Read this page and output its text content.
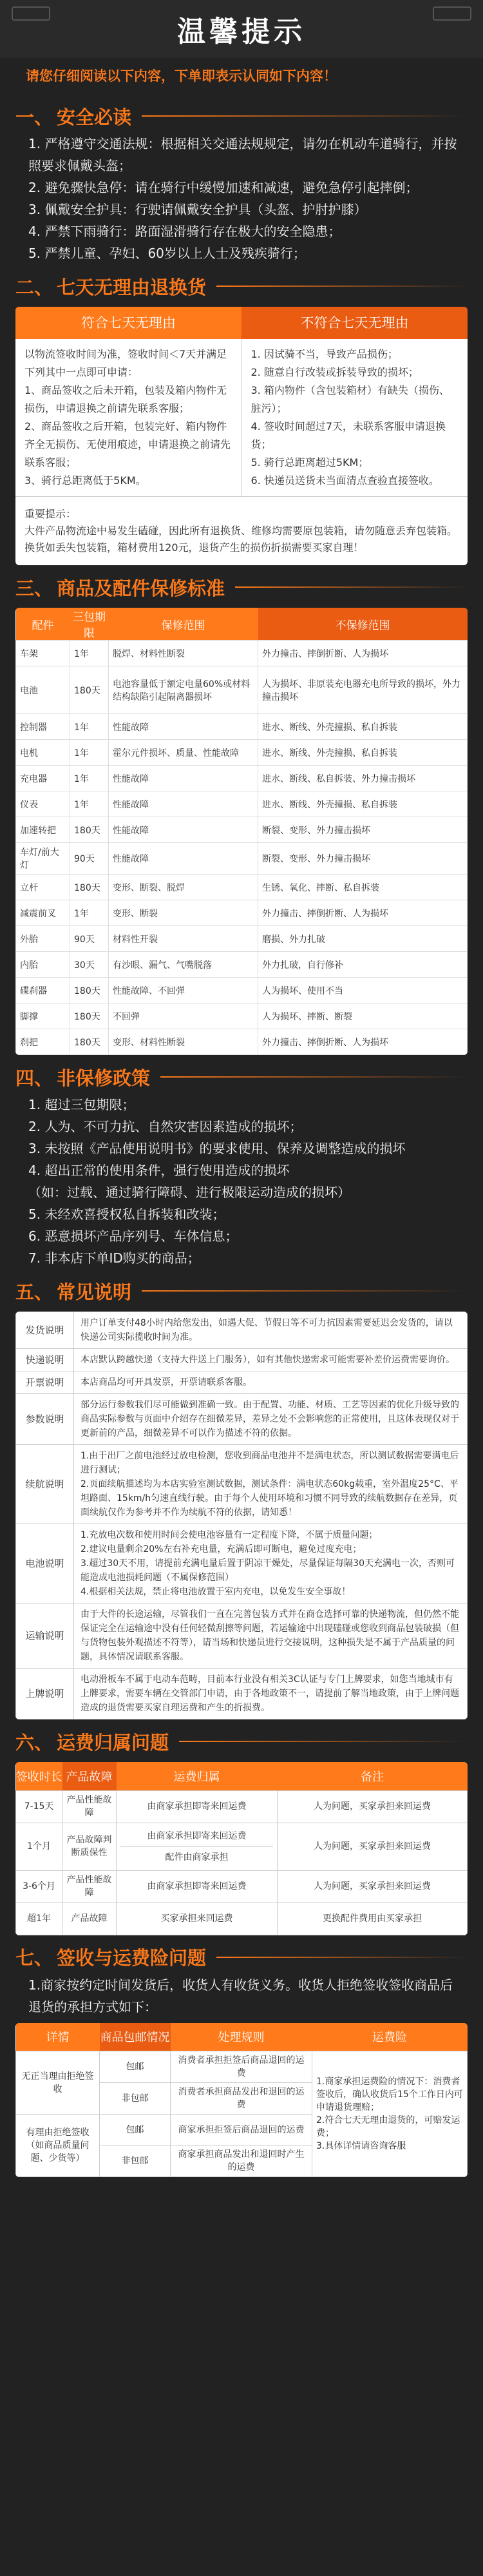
温馨提示
请您仔细阅读以下内容，下单即表示认同如下内容！
一、 安全必读

1. 严格遵守交通法规：根据相关交通法规规定，请勿在机动车道骑行，并按照要求佩戴头盔；

2. 避免骤快急停：请在骑行中缓慢加速和减速，避免急停引起摔倒；

3. 佩戴安全护具：行驶请佩戴安全护具（头盔、护肘护膝）

4. 严禁下雨骑行：路面湿滑骑行存在极大的安全隐患；

5. 严禁儿童、孕妇、60岁以上人士及残疾骑行；

二、 七天无理由退换货
符合七天无理由	不符合七天无理由
以物流签收时间为准，签收时间＜7天并满足下列其中一点即可申请：
1、商品签收之后未开箱，包装及箱内物件无损伤，申请退换之前请先联系客服；
2、商品签收之后开箱，包装完好、箱内物件齐全无损伤、无使用痕迹，申请退换之前请先联系客服；
3、骑行总距离低于5KM。
1. 因试骑不当，导致产品损伤；
2. 随意自行改装或拆装导致的损坏；
3. 箱内物件（含包装箱材）有缺失（损伤、脏污）；
4. 签收时间超过7天，未联系客服申请退换货；
5. 骑行总距离超过5KM；
6. 快递员送货未当面清点查验直接签收。
重要提示：
大件产品物流途中易发生磕碰，因此所有退换货、维修均需要原包装箱，请勿随意丢弃包装箱。换货如丢失包装箱，箱材费用120元，退货产生的损伤折损需要买家自理！
三、 商品及配件保修标准
配件	三包期限	保修范围	不保修范围
车架	1年	脱焊、材料性断裂	外力撞击、摔倒折断、人为损坏
电池	180天	电池容量低于额定电量60%或材料结构缺陷引起隔离器损坏	人为损坏、非原装充电器充电所导致的损坏，外力撞击损坏
控制器	1年	性能故障	进水、断线、外壳撞损、私自拆装
电机	1年	霍尔元件损坏、质量、性能故障	进水、断线、外壳撞损、私自拆装
充电器	1年	性能故障	进水、断线、私自拆装、外力撞击损坏
仪表	1年	性能故障	进水、断线、外壳撞损、私自拆装
加速转把	180天	性能故障	断裂、变形、外力撞击损坏
车灯/前大灯	90天	性能故障	断裂、变形、外力撞击损坏
立杆	180天	变形、断裂、脱焊	生锈、氧化、摔断、私自拆装
减震前叉	1年	变形、断裂	外力撞击、摔倒折断、人为损坏
外胎	90天	材料性开裂	磨损、外力扎破
内胎	30天	有沙眼、漏气、气嘴脱落	外力扎破，自行修补
碟刹器	180天	性能故障、不回弹	人为损坏、使用不当
脚撑	180天	不回弹	人为损坏、摔断、断裂
刹把	180天	变形、材料性断裂	外力撞击、摔倒折断、人为损坏
四、 非保修政策

1. 超过三包期限；

2. 人为、不可力抗、自然灾害因素造成的损坏；

3. 未按照《产品使用说明书》的要求使用、保养及调整造成的损坏

4. 超出正常的使用条件，强行使用造成的损坏

（如：过载、通过骑行障碍、进行极限运动造成的损坏）

5. 未经欢喜授权私自拆装和改装；

6. 恶意损坏产品序列号、车体信息；

7. 非本店下单ID购买的商品；

五、 常见说明
发货说明	用户订单支付48小时内给您发出，如遇大促、节假日等不可力抗因素需要延迟会发货的，请以快递公司实际揽收时间为准。
快递说明	本店默认跨越快递（支持大件送上门服务），如有其他快递需求可能需要补差价运费需要询价。
开票说明	本店商品均可开具发票，开票请联系客服。
参数说明	部分运行参数我们尽可能做到准确一致。由于配置、功能、材质、工艺等因素的优化升级导致的商品实际参数与页面中介绍存在细微差异，差异之处不会影响您的正常使用，且这体表现仅对于更新前的产品，细微差异不可以作为描述不符的依据。
续航说明	1.由于出厂之前电池经过放电检测，您收到商品电池并不是满电状态，所以测试数据需要满电后进行测试；
2.页面续航描述均为本店实验室测试数据，测试条件：满电状态60kg载重，室外温度25°C、平坦路面、15km/h匀速直线行驶。由于每个人使用环境和习惯不同导致的续航数据存在差异，页面续航仅作为参考并不作为续航不符的依据，请知悉！
电池说明	1.充放电次数和使用时间会使电池容量有一定程度下降，不属于质量问题；
2.建议电量剩余20%左右补充电量，充满后即可断电，避免过度充电；
3.超过30天不用，请提前充满电量后置于阴凉干燥处，尽量保证每隔30天充满电一次，否则可能造成电池损耗问题（不属保修范围）
4.根据相关法规，禁止将电池放置于室内充电，以免发生安全事故！
运输说明	由于大件的长途运输，尽管我们一直在完善包装方式并在商仓选择可靠的快递物流，但仍然不能保证完全在运输途中没有任何轻微刮擦等问题，若运输途中出现磕碰或您收到商品包装破损（但与货物包装外观描述不符等），请当场和快递员进行交接说明，这种损失是不属于产品质量的问题，具体情况请联系客服。
上牌说明	电动滑板车不属于电动车范畴，目前本行业没有相关3C认证与专门上牌要求，如您当地城市有上牌要求，需要车辆在交管部门申请，由于各地政策不一，请提前了解当地政策，由于上牌问题造成的退货需要买家自理运费和产生的折损费。
六、 运费归属问题
签收时长	产品故障	运费归属	备注
7-15天	产品性能故障	由商家承担即寄来回运费	人为问题，买家承担来回运费
1个月	产品故障判断质保性	由商家承担即寄来回运费
配件由商家承担	人为问题，买家承担来回运费
3-6个月	产品性能故障	由商家承担即寄来回运费	人为问题，买家承担来回运费
超1年	产品故障	买家承担来回运费	更换配件费用由买家承担
七、 签收与运费险问题
1.商家按约定时间发货后，收货人有收货义务。收货人拒绝签收签收商品后退货的承担方式如下：
详情	商品包邮情况	处理规则	运费险
无正当理由拒绝签收	包邮	消费者承担拒签后商品退回的运费	1.商家承担运费险的情况下：消费者签收后，确认收货后15个工作日内可申请退货理赔；
2.符合七天无理由退货的，可赔发运费；
3.具体详情请咨询客服
	非包邮	消费者承担商品发出和退回的运费	
有理由拒绝签收（如商品质量问题、少货等）	包邮	商家承担拒签后商品退回的运费	
	非包邮	商家承担商品发出和退回时产生的运费	
